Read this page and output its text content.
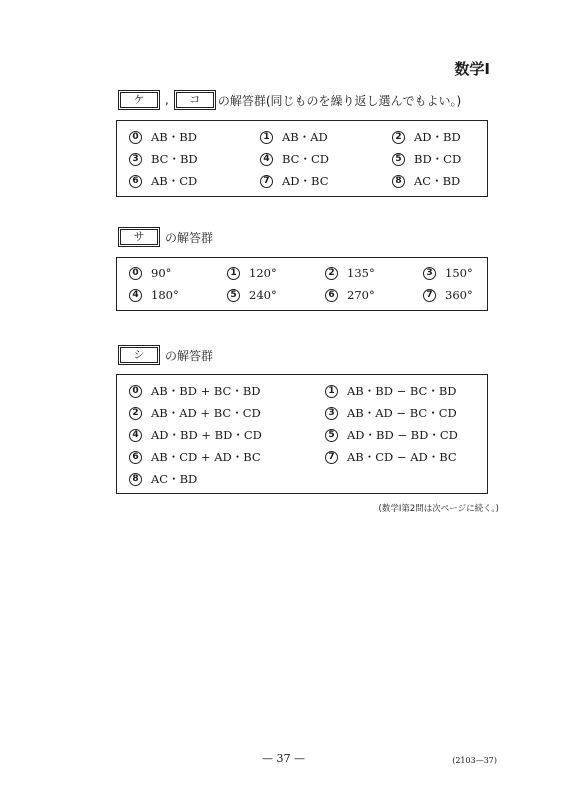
数学Ⅰ
ケ	,	コ	の解答群(同じものを繰り返し選んでもよい。)
0 AB・BD	1 AB・AD	2 AD・BD
3 BC・BD	4 BC・CD	5 BD・CD
6 AB・CD	7 AD・BC	8 AC・BD
サ	の解答群
0 90°	1 120°	2 135°	3 150°
4 180°	5 240°	6 270°	7 360°
シ	の解答群
0 AB・BD + BC・BD	1 AB・BD − BC・BD
2 AB・AD + BC・CD	3 AB・AD − BC・CD
4 AD・BD + BD・CD	5 AD・BD − BD・CD
6 AB・CD + AD・BC	7 AB・CD − AD・BC
8 AC・BD
(数学Ⅰ第2問は次ページに続く。)
— 37 —	(2103—37)
